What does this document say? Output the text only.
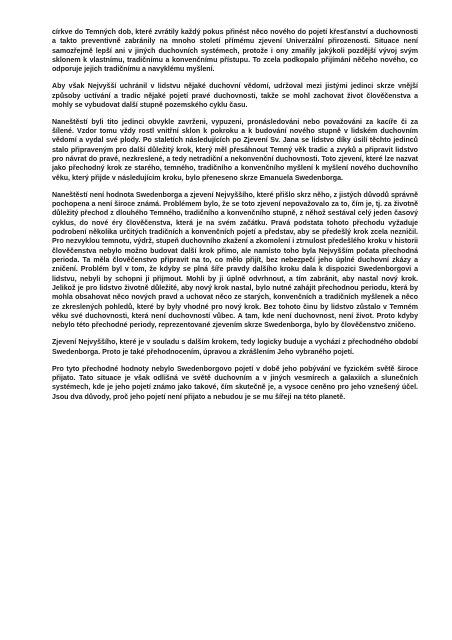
církve do Temných dob, které zvrátily každý pokus přinést něco nového do pojetí křesťanství a duchovnosti a takto preventivně zabránily na mnoho století přímému zjevení Univerzální přirozenosti. Situace není samozřejmě lepší ani v jiných duchovních systémech, protože i ony zmařily jakýkoli pozdější vývoj svým sklonem k vlastnímu, tradičnímu a konvenčnímu přístupu. To zcela podkopalo přijímání něčeho nového, co odporuje jejich tradičnímu a navyklému myšlení.

Aby však Nejvyšší uchránil v lidstvu nějaké duchovní vědomí, udržoval mezi jistými jedinci skrze vnější způsoby uctívání a tradic nějaké pojetí pravé duchovnosti, takže se mohl zachovat život člověčenstva a mohly se vybudovat další stupně pozemského cyklu času.

Naneštěstí byli tito jedinci obvykle zavrženi, vypuzeni, pronásledováni nebo považováni za kacíře či za šílené. Vzdor tomu vždy rostl vnitřní sklon k pokroku a k budování nového stupně v lidském duchovním vědomí a vydal své plody. Po staletích následujících po Zjevení Sv. Jana se lidstvo díky úsilí těchto jedinců stalo připraveným pro další důležitý krok, který měl přesáhnout Temný věk tradic a zvyků a připravit lidstvo pro návrat do pravé, nezkreslené, a tedy netradiční a nekonvenční duchovnosti. Toto zjevení, které lze nazvat jako přechodný krok ze starého, temného, tradičního a konvenčního myšlení k myšlení nového duchovního věku, který přijde v následujícím kroku, bylo přeneseno skrze Emanuela Swedenborga.

Naneštěstí není hodnota Swedenborga a zjevení Nejvyššího, které přišlo skrz něho, z jistých důvodů správně pochopena a není široce známá. Problémem bylo, že se toto zjevení nepovažovalo za to, čím je, tj. za životně důležitý přechod z dlouhého Temného, tradičního a konvenčního stupně, z něhož sestával celý jeden časový cyklus, do nové éry člověčenstva, která je na svém začátku. Pravá podstata tohoto přechodu vyžaduje podrobení několika určitých tradičních a konvenčních pojetí a představ, aby se předešlý krok zcela nezničil. Pro nezvyklou temnotu, výdrž, stupeň duchovního zkažení a zkomolení i ztrnulost předešlého kroku v historii člověčenstva nebylo možno budovat další krok přímo, ale namísto toho byla Nejvyšším počata přechodná perioda. Ta měla člověčenstvo připravit na to, co mělo přijít, bez nebezpečí jeho úplné duchovní zkázy a zničení. Problém byl v tom, že kdyby se plná šíře pravdy dalšího kroku dala k dispozici Swedenborgovi a lidstvu, nebyli by schopni ji přijmout. Mohli by ji úplně odvrhnout, a tím zabránit, aby nastal nový krok. Jelikož je pro lidstvo životně důležité, aby nový krok nastal, bylo nutné zahájit přechodnou periodu, která by mohla obsahovat něco nových pravd a uchovat něco ze starých, konvenčních a tradičních myšlenek a něco ze zkreslených pohledů, které by byly vhodné pro nový krok. Bez tohoto činu by lidstvo zůstalo v Temném věku své duchovnosti, která není duchovností vůbec. A tam, kde není duchovnost, není život. Proto kdyby nebylo této přechodné periody, reprezentované zjevením skrze Swedenborga, bylo by člověčenstvo zničeno.

Zjevení Nejvyššího, které je v souladu s dalším krokem, tedy logicky buduje a vychází z přechodného období Swedenborga. Proto je také přehodnocením, úpravou a zkrášlením Jeho vybraného pojetí.

Pro tyto přechodné hodnoty nebylo Swedenborgovo pojetí v době jeho pobývání ve fyzickém světě široce přijato. Tato situace je však odlišná ve světě duchovním a v jiných vesmírech a galaxiích a slunečních systémech, kde je jeho pojetí známo jako takové, čím skutečně je, a vysoce ceněno pro jeho vznešený účel. Jsou dva důvody, proč jeho pojetí není přijato a nebudou je se mu šířeji na této planetě.
